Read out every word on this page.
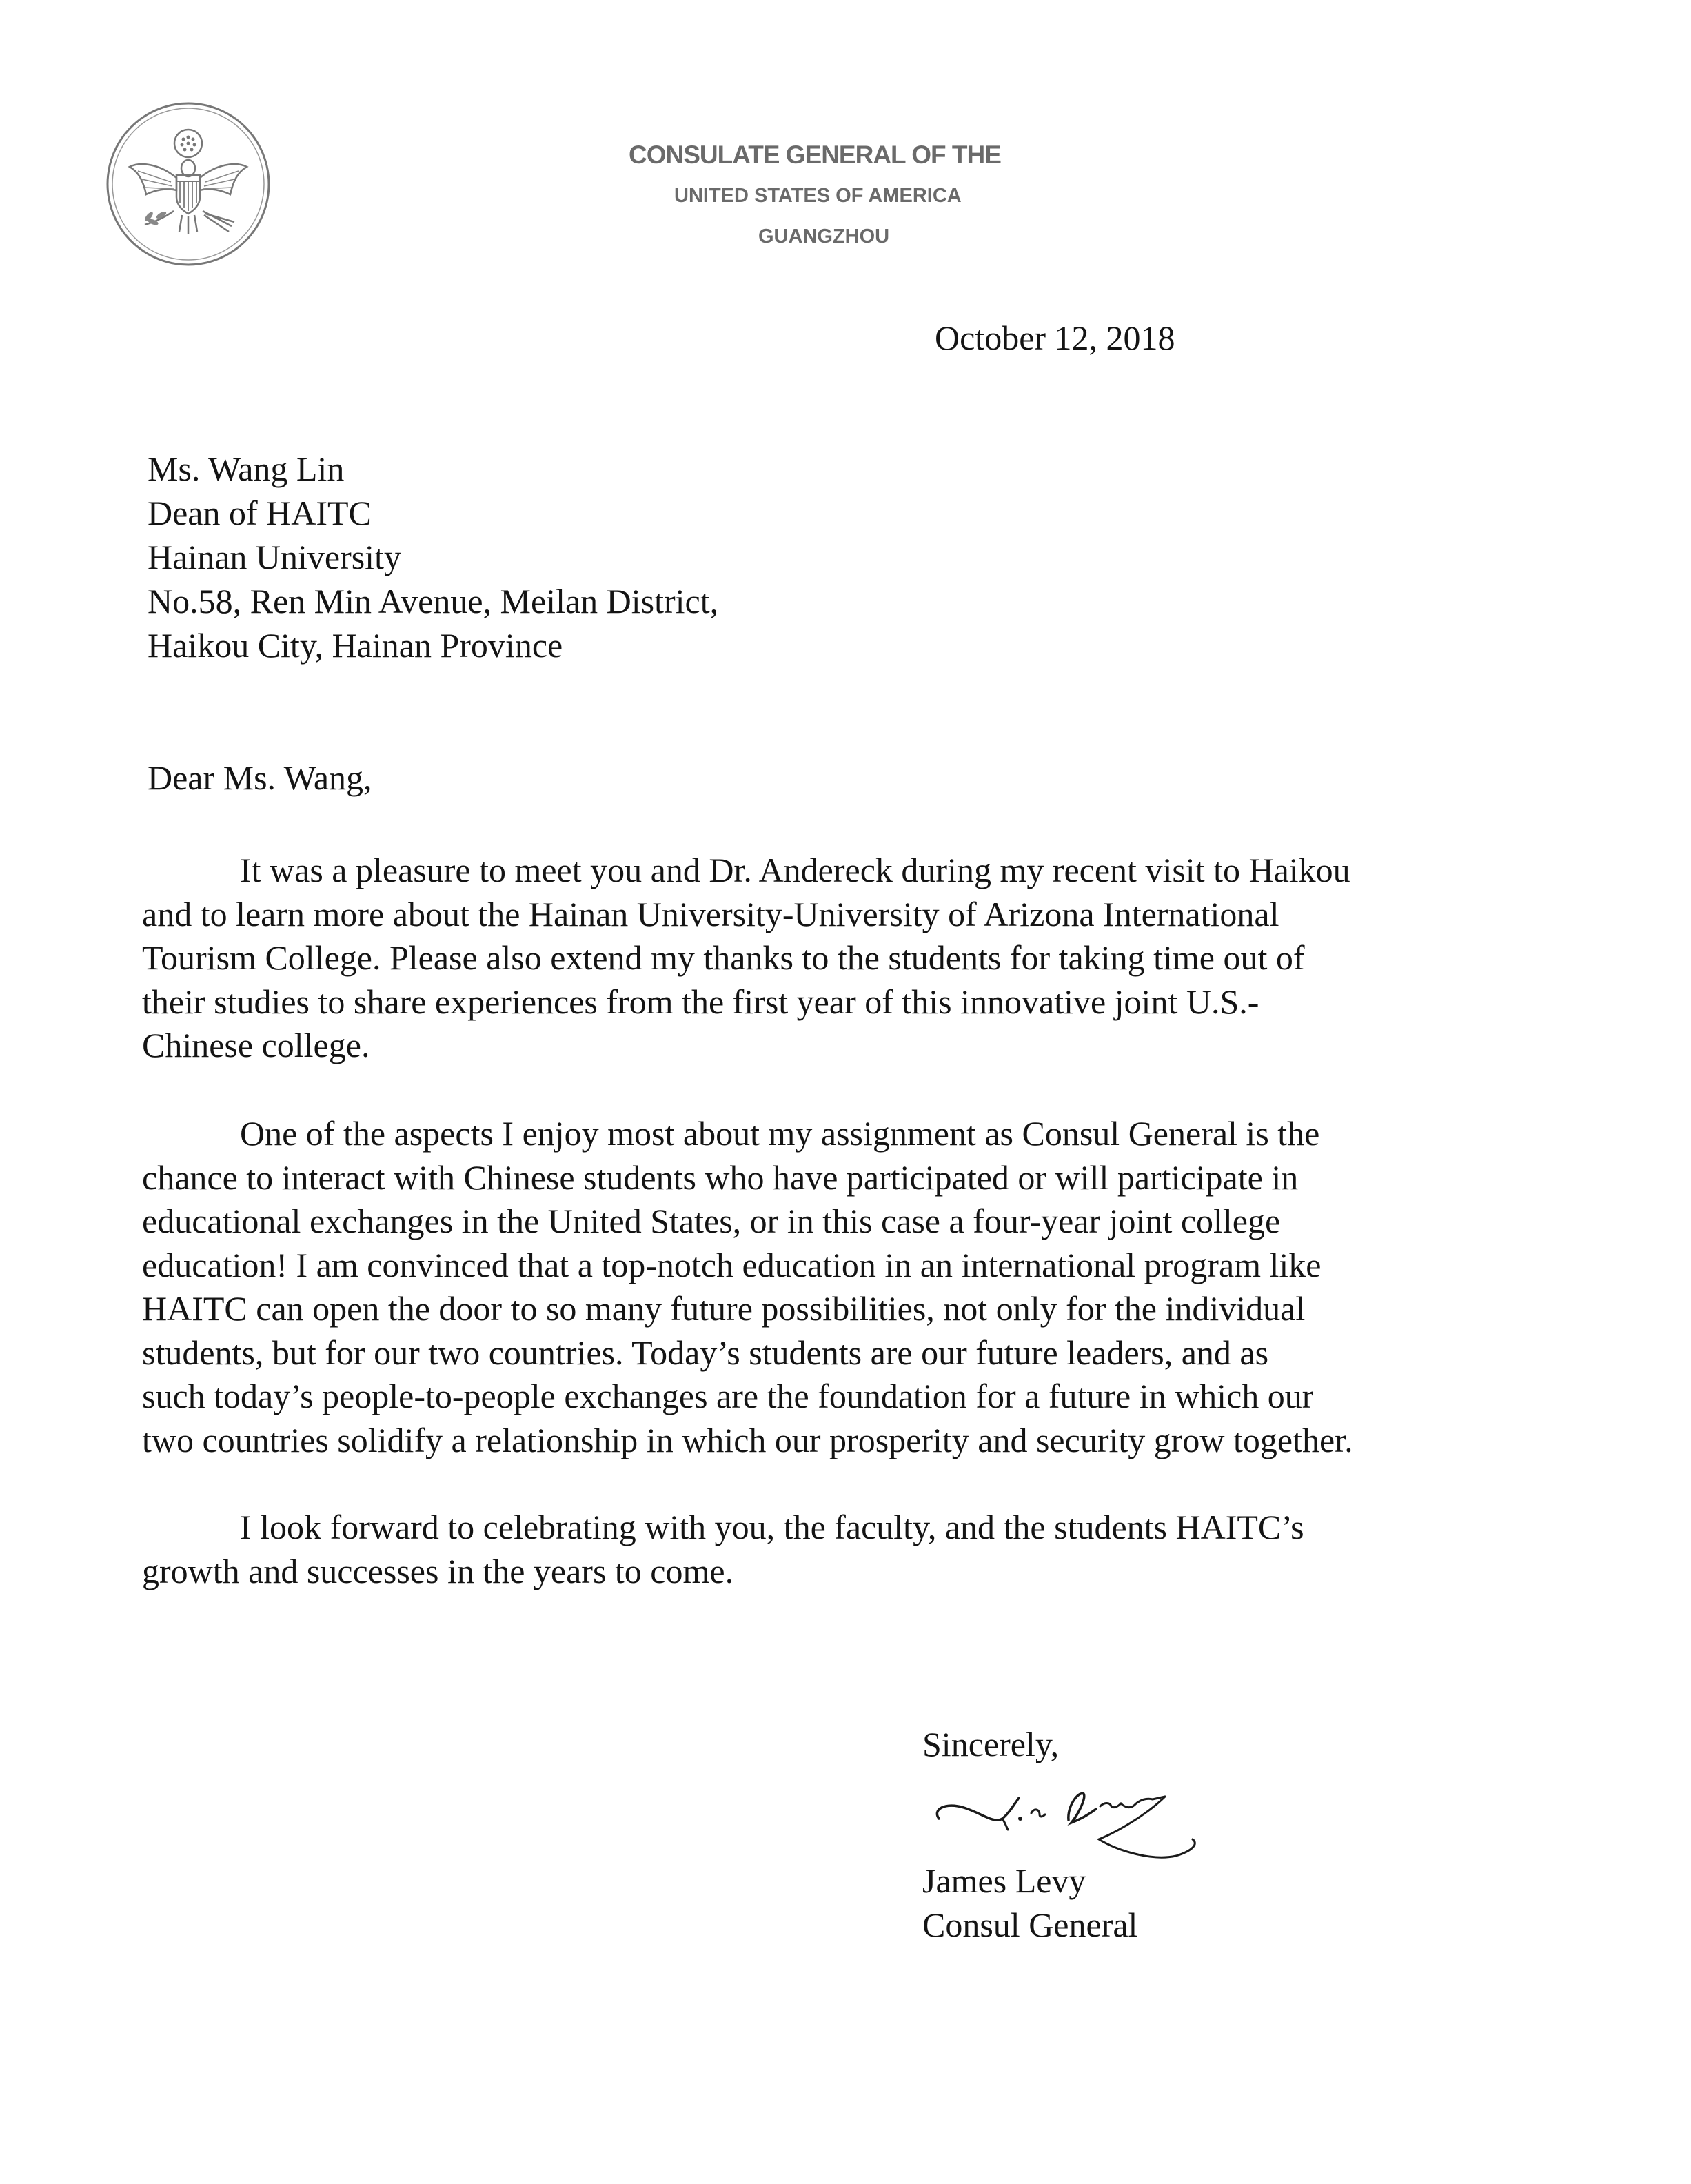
CONSULATE GENERAL OF THE
UNITED STATES OF AMERICA
GUANGZHOU
October 12, 2018
Ms. Wang Lin
Dean of HAITC
Hainan University
No.58, Ren Min Avenue, Meilan District,
Haikou City, Hainan Province
Dear Ms. Wang,
It was a pleasure to meet you and Dr. Andereck during my recent visit to Haikou
and to learn more about the Hainan University-University of Arizona International
Tourism College. Please also extend my thanks to the students for taking time out of
their studies to share experiences from the first year of this innovative joint U.S.-
Chinese college.
One of the aspects I enjoy most about my assignment as Consul General is the
chance to interact with Chinese students who have participated or will participate in
educational exchanges in the United States, or in this case a four-year joint college
education! I am convinced that a top-notch education in an international program like
HAITC can open the door to so many future possibilities, not only for the individual
students, but for our two countries. Today’s students are our future leaders, and as
such today’s people-to-people exchanges are the foundation for a future in which our
two countries solidify a relationship in which our prosperity and security grow together.
I look forward to celebrating with you, the faculty, and the students HAITC’s
growth and successes in the years to come.
Sincerely,
James Levy
Consul General
